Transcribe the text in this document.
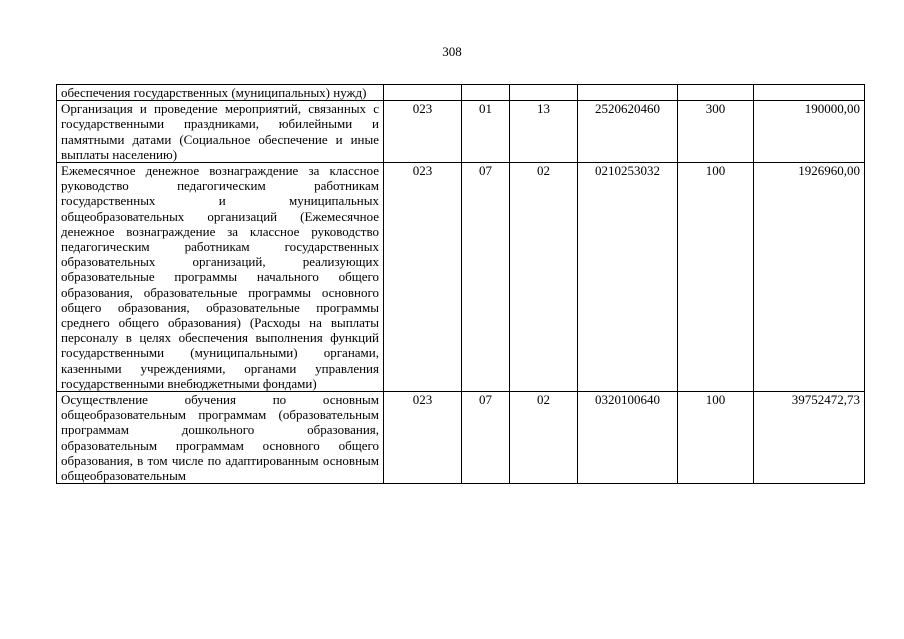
308
обеспечения государственных (муниципальных) нужд)						
Организация и проведение мероприятий, связанных с государственными праздниками, юбилейными и памятными датами (Социальное обеспечение и иные выплаты населению)	023	01	13	2520620460	300	190000,00
Ежемесячное денежное вознаграждение за классное руководство педагогическим работникам государственных и муниципальных общеобразовательных организаций (Ежемесячное денежное вознаграждение за классное руководство педагогическим работникам государственных образовательных организаций, реализующих образовательные программы начального общего образования, образовательные программы основного общего образования, образовательные программы среднего общего образования) (Расходы на выплаты персоналу в целях обеспечения выполнения функций государственными (муниципальными) органами, казенными учреждениями, органами управления государственными внебюджетными фондами)	023	07	02	0210253032	100	1926960,00
Осуществление обучения по основным общеобразовательным программам (образовательным программам дошкольного образования, образовательным программам основного общего образования, в том числе по адаптированным основным общеобразовательным	023	07	02	0320100640	100	39752472,73
